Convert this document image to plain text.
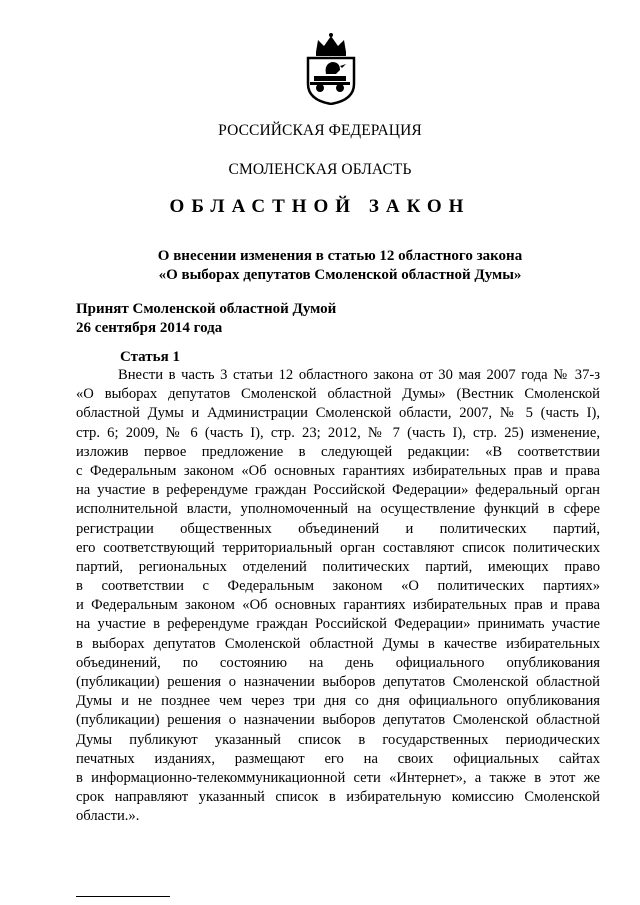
РОССИЙСКАЯ ФЕДЕРАЦИЯ
СМОЛЕНСКАЯ ОБЛАСТЬ
ОБЛАСТНОЙ ЗАКОН
О внесении изменения в статью 12 областного закона
«О выборах депутатов Смоленской областной Думы»
Принят Смоленской областной Думой
26 сентября 2014 года
Статья 1
Внести в часть 3 статьи 12 областного закона от 30 мая 2007 года № 37-з
«О выборах депутатов Смоленской областной Думы» (Вестник Смоленской
областной Думы и Администрации Смоленской области, 2007, № 5 (часть I),
стр. 6; 2009, № 6 (часть I), стр. 23; 2012, № 7 (часть I), стр. 25) изменение,
изложив первое предложение в следующей редакции: «В соответствии
с Федеральным законом «Об основных гарантиях избирательных прав и права
на участие в референдуме граждан Российской Федерации» федеральный орган
исполнительной власти, уполномоченный на осуществление функций в сфере
регистрации общественных объединений и политических партий,
его соответствующий территориальный орган составляют список политических
партий, региональных отделений политических партий, имеющих право
в соответствии с Федеральным законом «О политических партиях»
и Федеральным законом «Об основных гарантиях избирательных прав и права
на участие в референдуме граждан Российской Федерации» принимать участие
в выборах депутатов Смоленской областной Думы в качестве избирательных
объединений, по состоянию на день официального опубликования
(публикации) решения о назначении выборов депутатов Смоленской областной
Думы и не позднее чем через три дня со дня официального опубликования
(публикации) решения о назначении выборов депутатов Смоленской областной
Думы публикуют указанный список в государственных периодических
печатных изданиях, размещают его на своих официальных сайтах
в информационно-телекоммуникационной сети «Интернет», а также в этот же
срок направляют указанный список в избирательную комиссию Смоленской
области.».
